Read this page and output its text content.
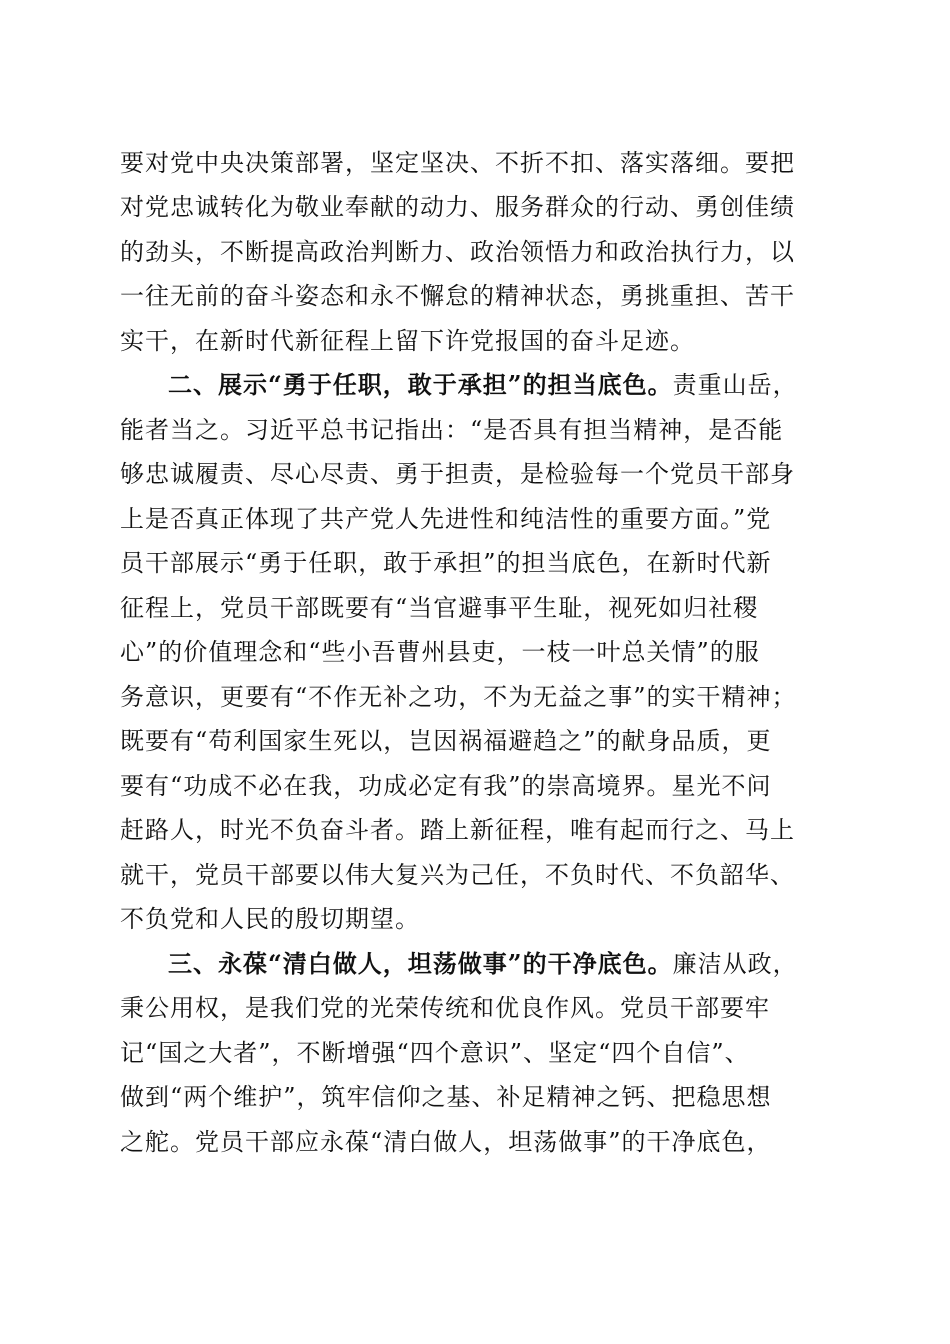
要对党中央决策部署，坚定坚决、不折不扣、落实落细。要把
对党忠诚转化为敬业奉献的动力、服务群众的行动、勇创佳绩
的劲头，不断提高政治判断力、政治领悟力和政治执行力，以
一往无前的奋斗姿态和永不懈怠的精神状态，勇挑重担、苦干
实干，在新时代新征程上留下许党报国的奋斗足迹。
二、展示“勇于任职，敢于承担”的担当底色。责重山岳，
能者当之。习近平总书记指出：“是否具有担当精神，是否能
够忠诚履责、尽心尽责、勇于担责，是检验每一个党员干部身
上是否真正体现了共产党人先进性和纯洁性的重要方面。”党
员干部展示“勇于任职，敢于承担”的担当底色，在新时代新
征程上，党员干部既要有“当官避事平生耻，视死如归社稷
心”的价值理念和“些小吾曹州县吏，一枝一叶总关情”的服
务意识，更要有“不作无补之功，不为无益之事”的实干精神；
既要有“苟利国家生死以，岂因祸福避趋之”的献身品质，更
要有“功成不必在我，功成必定有我”的崇高境界。星光不问
赶路人，时光不负奋斗者。踏上新征程，唯有起而行之、马上
就干，党员干部要以伟大复兴为己任，不负时代、不负韶华、
不负党和人民的殷切期望。
三、永葆“清白做人，坦荡做事”的干净底色。廉洁从政，
秉公用权，是我们党的光荣传统和优良作风。党员干部要牢
记“国之大者”，不断增强“四个意识”、坚定“四个自信”、
做到“两个维护”，筑牢信仰之基、补足精神之钙、把稳思想
之舵。党员干部应永葆“清白做人，坦荡做事”的干净底色，
